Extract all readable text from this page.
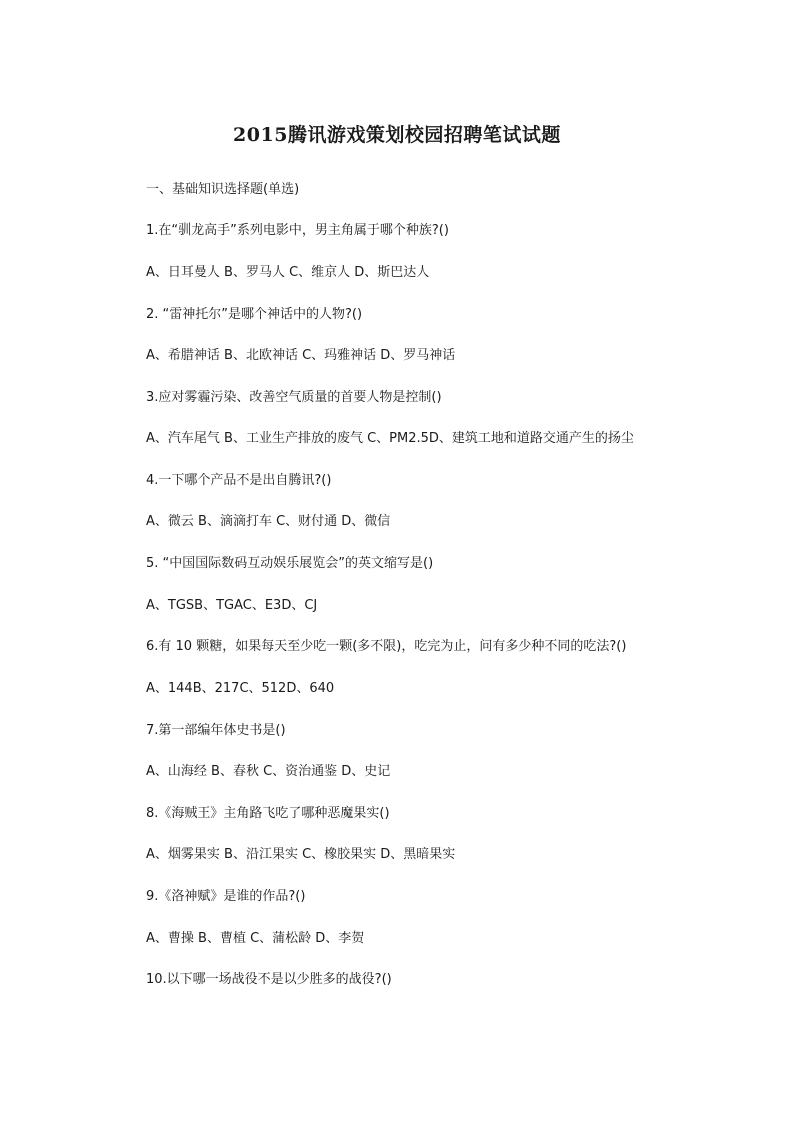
2015腾讯游戏策划校园招聘笔试试题

一、基础知识选择题(单选)

1.在“驯龙高手”系列电影中，男主角属于哪个种族?()

A、日耳曼人 B、罗马人 C、维京人 D、斯巴达人

2. “雷神托尔”是哪个神话中的人物?()

A、希腊神话 B、北欧神话 C、玛雅神话 D、罗马神话

3.应对雾霾污染、改善空气质量的首要人物是控制()

A、汽车尾气 B、工业生产排放的废气 C、PM2.5D、建筑工地和道路交通产生的扬尘

4.一下哪个产品不是出自腾讯?()

A、微云 B、滴滴打车 C、财付通 D、微信

5. “中国国际数码互动娱乐展览会”的英文缩写是()

A、TGSB、TGAC、E3D、CJ

6.有 10 颗糖，如果每天至少吃一颗(多不限)，吃完为止，问有多少种不同的吃法?()

A、144B、217C、512D、640

7.第一部编年体史书是()

A、山海经 B、春秋 C、资治通鉴 D、史记

8.《海贼王》主角路飞吃了哪种恶魔果实()

A、烟雾果实 B、沿江果实 C、橡胶果实 D、黑暗果实

9.《洛神赋》是谁的作品?()

A、曹操 B、曹植 C、蒲松龄 D、李贺

10.以下哪一场战役不是以少胜多的战役?()
